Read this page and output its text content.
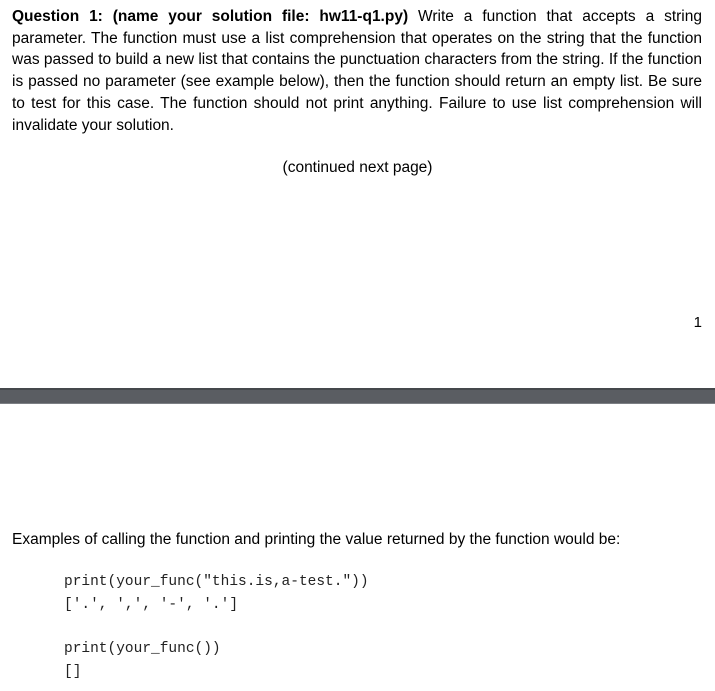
Question 1: (name your solution file: hw11-q1.py) Write a function that accepts a string parameter. The function must use a list comprehension that operates on the string that the function was passed to build a new list that contains the punctuation characters from the string. If the function is passed no parameter (see example below), then the function should return an empty list. Be sure to test for this case. The function should not print anything. Failure to use list comprehension will invalidate your solution.

(continued next page)
1

Examples of calling the function and printing the value returned by the function would be:

print(your_func("this.is,a-test."))
['.', ',', '-', '.']
print(your_func())
[]
